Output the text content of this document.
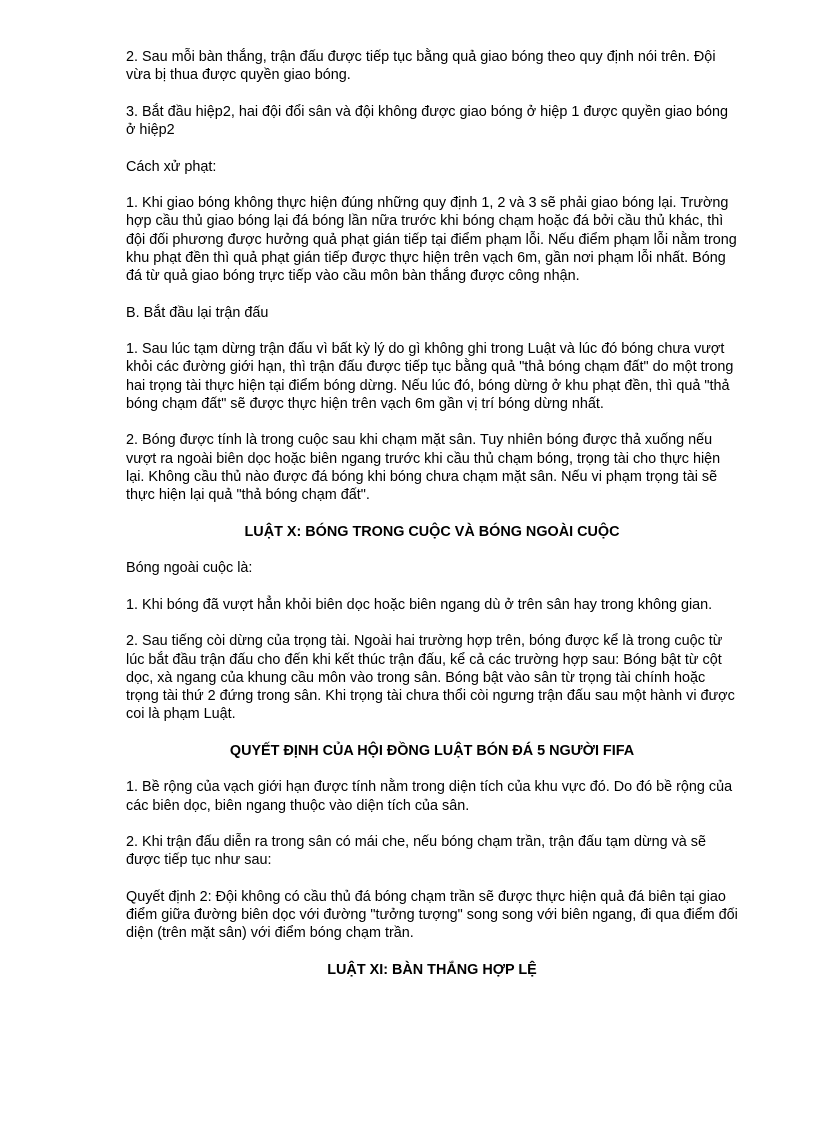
2. Sau mỗi bàn thắng, trận đấu được tiếp tục bằng quả giao bóng theo quy định nói trên. Đội vừa bị thua được quyền giao bóng.

3. Bắt đầu hiệp2, hai đội đổi sân và đội không được giao bóng ở hiệp 1 được quyền giao bóng ở hiệp2

Cách xử phạt:

1. Khi giao bóng không thực hiện đúng những quy định 1, 2 và 3 sẽ phải giao bóng lại. Trường hợp cầu thủ giao bóng lại đá bóng lần nữa trước khi bóng chạm hoặc đá bởi cầu thủ khác, thì đội đối phương được hưởng quả phạt gián tiếp tại điểm phạm lỗi. Nếu điểm phạm lỗi nằm trong khu phạt đền thì quả phạt gián tiếp được thực hiện trên vạch 6m, gần nơi phạm lỗi nhất. Bóng đá từ quả giao bóng trực tiếp vào cầu môn bàn thắng được công nhận.

B. Bắt đầu lại trận đấu

1. Sau lúc tạm dừng trận đấu vì bất kỳ lý do gì không ghi trong Luật và lúc đó bóng chưa vượt khỏi các đường giới hạn, thì trận đấu được tiếp tục bằng quả "thả bóng chạm đất" do một trong hai trọng tài thực hiện tại điểm bóng dừng. Nếu lúc đó, bóng dừng ở khu phạt đền, thì quả "thả bóng chạm đất" sẽ được thực hiện trên vạch 6m gần vị trí bóng dừng nhất.

2. Bóng được tính là trong cuộc sau khi chạm mặt sân. Tuy nhiên bóng được thả xuống nếu vượt ra ngoài biên dọc hoặc biên ngang trước khi cầu thủ chạm bóng, trọng tài cho thực hiện lại. Không cầu thủ nào được đá bóng khi bóng chưa chạm mặt sân. Nếu vi phạm trọng tài sẽ thực hiện lại quả "thả bóng chạm đất".

LUẬT X: BÓNG TRONG CUỘC VÀ BÓNG NGOÀI CUỘC

Bóng ngoài cuộc là:

1. Khi bóng đã vượt hẳn khỏi biên dọc hoặc biên ngang dù ở trên sân hay trong không gian.

2. Sau tiếng còi dừng của trọng tài. Ngoài hai trường hợp trên, bóng được kể là trong cuộc từ lúc bắt đầu trận đấu cho đến khi kết thúc trận đấu, kể cả các trường hợp sau: Bóng bật từ cột dọc, xà ngang của khung cầu môn vào trong sân. Bóng bật vào sân từ trọng tài chính hoặc trọng tài thứ 2 đứng trong sân. Khi trọng tài chưa thổi còi ngưng trận đấu sau một hành vi được coi là phạm Luật.

QUYẾT ĐỊNH CỦA HỘI ĐỒNG LUẬT BÓN ĐÁ 5 NGƯỜI FIFA

1. Bề rộng của vạch giới hạn được tính nằm trong diện tích của khu vực đó. Do đó bề rộng của các biên dọc, biên ngang thuộc vào diện tích của sân.

2. Khi trận đấu diễn ra trong sân có mái che, nếu bóng chạm trần, trận đấu tạm dừng và sẽ được tiếp tục như sau:

Quyết định 2: Đội không có cầu thủ đá bóng chạm trần sẽ được thực hiện quả đá biên tại giao điểm giữa đường biên dọc với đường "tưởng tượng" song song với biên ngang, đi qua điểm đối diện (trên mặt sân) với điểm bóng chạm trần.

LUẬT XI: BÀN THẮNG HỢP LỆ
